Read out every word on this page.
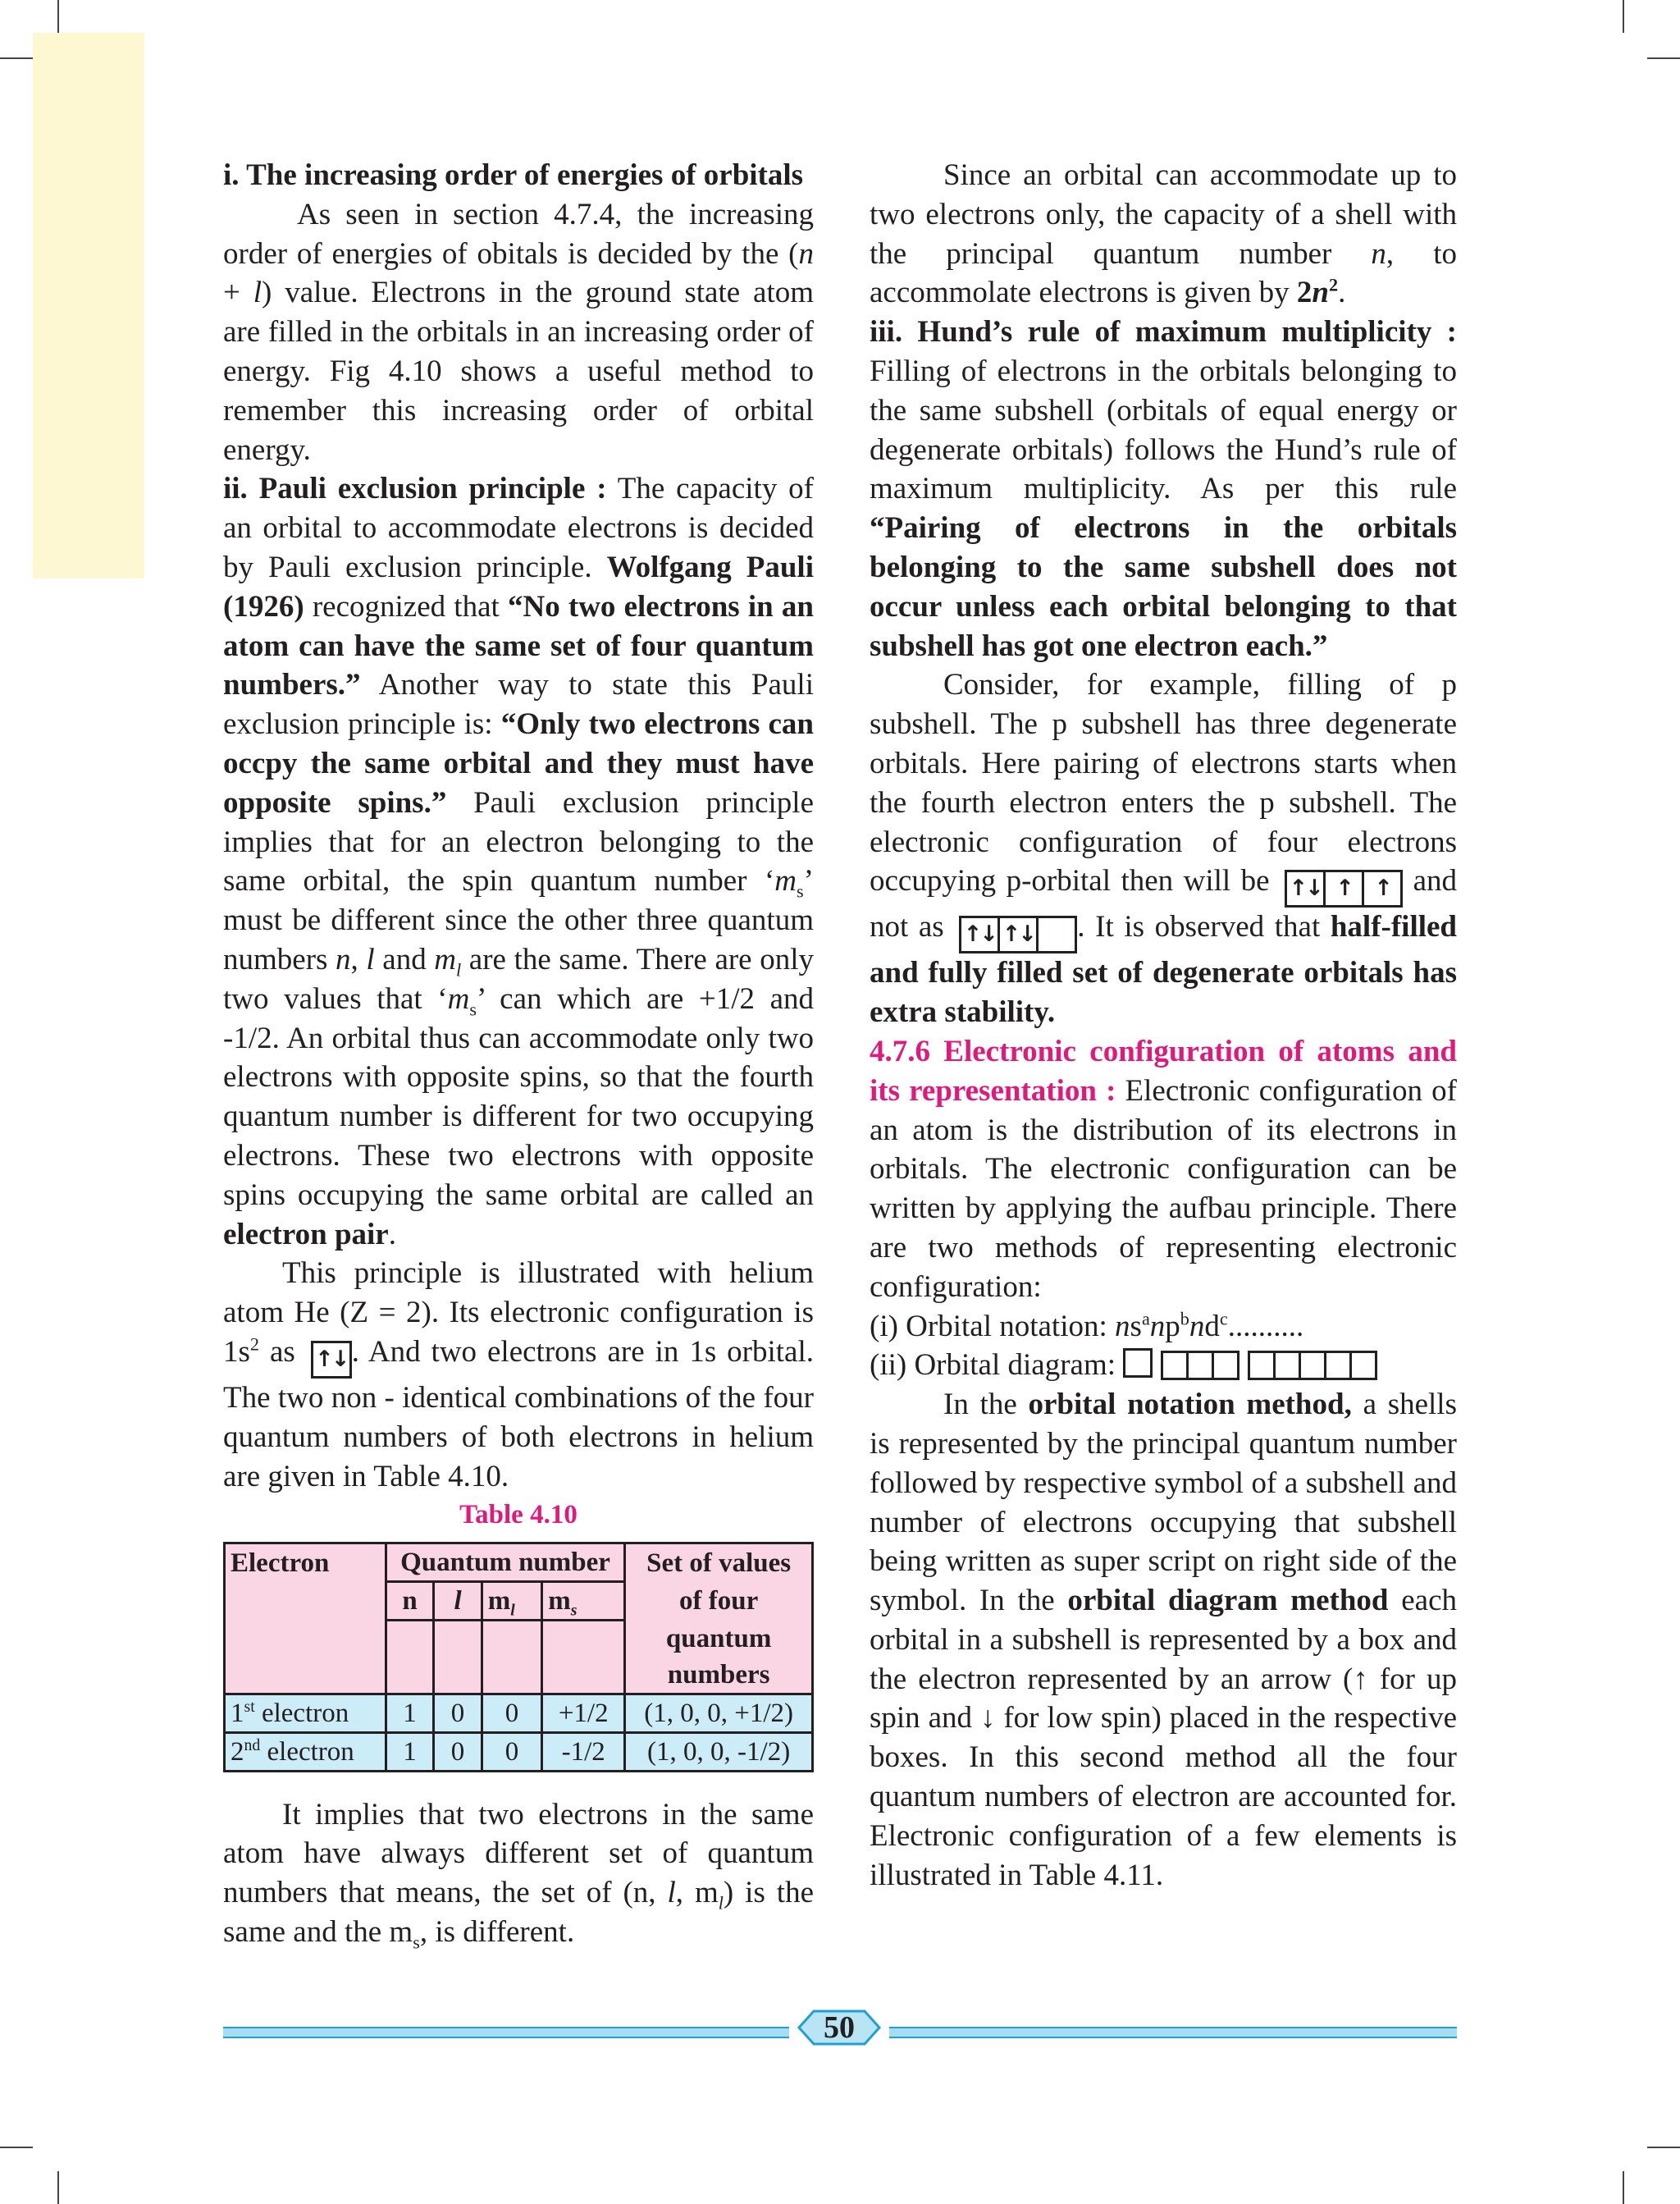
i. The increasing order of energies of orbitals

As seen in section 4.7.4, the increasing order of energies of obitals is decided by the (n + l) value. Electrons in the ground state atom are filled in the orbitals in an increasing order of energy. Fig 4.10 shows a useful method to remember this increasing order of orbital energy.

ii. Pauli exclusion principle : The capacity of an orbital to accommodate electrons is decided by Pauli exclusion principle. Wolfgang Pauli (1926) recognized that “No two electrons in an atom can have the same set of four quantum numbers.” Another way to state this Pauli exclusion principle is: “Only two electrons can occpy the same orbital and they must have opposite spins.” Pauli exclusion principle implies that for an electron belonging to the same orbital, the spin quantum number ‘$m_s$’ must be different since the other three quantum numbers n, l and $m_l$ are the same. There are only two values that ‘$m_s$’ can which are +1/2 and -1/2. An orbital thus can accommodate only two electrons with opposite spins, so that the fourth quantum number is different for two occupying electrons. These two electrons with opposite spins occupying the same orbital are called an electron pair.

This principle is illustrated with helium atom He (Z = 2). Its electronic configuration is $1s^2$ as ↑↓ . And two electrons are in 1s orbital. The two non - identical combinations of the four quantum numbers of both electrons in helium are given in Table 4.10.

Table 4.10

Electron	Quantum number				Set of values
	n	l	$m_l$	$m_s$	of four
					quantum
					numbers
1st electron	1	0	0	+1/2	(1, 0, 0, +1/2)
2nd electron	1	0	0	-1/2	(1, 0, 0, -1/2)

It implies that two electrons in the same atom have always different set of quantum numbers that means, the set of (n, l, $m_l$) is the same and the $m_s$, is different.

Since an orbital can accommodate up to two electrons only, the capacity of a shell with the principal quantum number n, to accommolate electrons is given by $2n^2$.

iii. Hund’s rule of maximum multiplicity : Filling of electrons in the orbitals belonging to the same subshell (orbitals of equal energy or degenerate orbitals) follows the Hund’s rule of maximum multiplicity. As per this rule “Pairing of electrons in the orbitals belonging to the same subshell does not occur unless each orbital belonging to that subshell has got one electron each.”

Consider, for example, filling of p subshell. The p subshell has three degenerate orbitals. Here pairing of electrons starts when the fourth electron enters the p subshell. The electronic configuration of four electrons occupying p-orbital then will be ↑↓ ↑	↑ and not as ↑↓ ↑↓ . It is observed that half-filled and fully filled set of degenerate orbitals has extra stability.

4.7.6 Electronic configuration of atoms and its representation : Electronic configuration of an atom is the distribution of its electrons in orbitals. The electronic configuration can be written by applying the aufbau principle. There are two methods of representing electronic configuration:

(i) Orbital notation: $ns^anp^bnd^c$..........

(ii) Orbital diagram:

In the orbital notation method, a shells is represented by the principal quantum number followed by respective symbol of a subshell and number of electrons occupying that subshell being written as super script on right side of the symbol. In the orbital diagram method each orbital in a subshell is represented by a box and the electron represented by an arrow (↑ for up spin and ↓ for low spin) placed in the respective boxes. In this second method all the four quantum numbers of electron are accounted for. Electronic configuration of a few elements is illustrated in Table 4.11.

50
